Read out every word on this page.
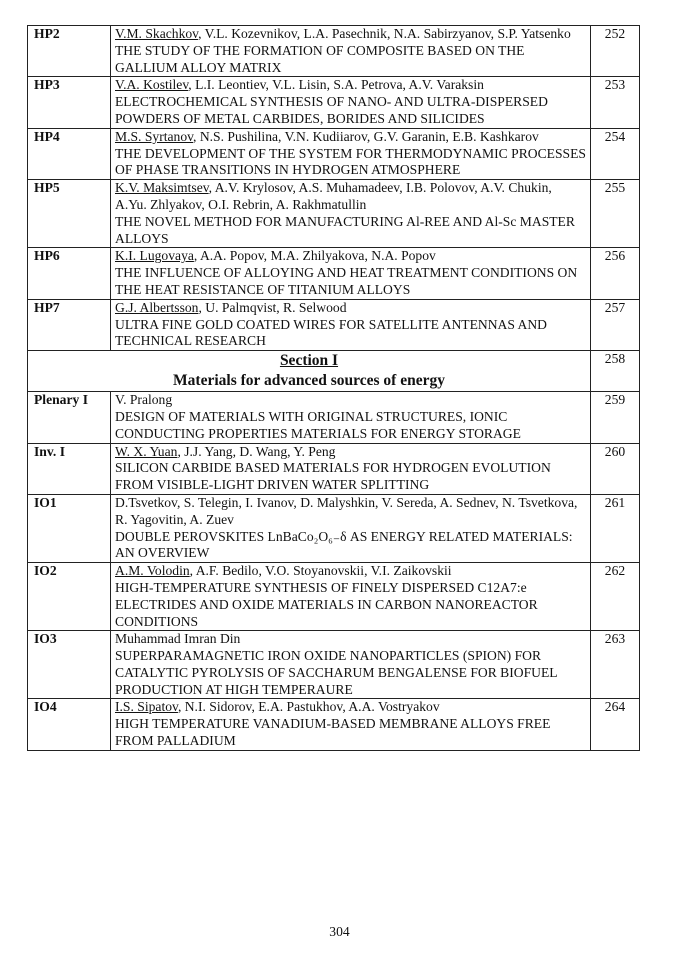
HP2	V.M. Skachkov, V.L. Kozevnikov, L.A. Pasechnik, N.A. Sabirzyanov, S.P. Yatsenko
THE STUDY OF THE FORMATION OF COMPOSITE BASED ON THE GALLIUM ALLOY MATRIX	252
HP3	V.A. Kostilev, L.I. Leontiev, V.L. Lisin, S.A. Petrova, A.V. Varaksin
ELECTROCHEMICAL SYNTHESIS OF NANO- AND ULTRA-DISPERSED POWDERS OF METAL CARBIDES, BORIDES AND SILICIDES	253
HP4	M.S. Syrtanov, N.S. Pushilina, V.N. Kudiiarov, G.V. Garanin, E.B. Kashkarov
THE DEVELOPMENT OF THE SYSTEM FOR THERMODYNAMIC PROCESSES OF PHASE TRANSITIONS IN HYDROGEN ATMOSPHERE	254
HP5	K.V. Maksimtsev, A.V. Krylosov, A.S. Muhamadeev, I.B. Polovov, A.V. Chukin, A.Yu. Zhlyakov, O.I. Rebrin, A. Rakhmatullin
THE NOVEL METHOD FOR MANUFACTURING Al-REE AND Al-Sc MASTER ALLOYS	255
HP6	K.I. Lugovaya, A.A. Popov, M.A. Zhilyakova, N.A. Popov
THE INFLUENCE OF ALLOYING AND HEAT TREATMENT CONDITIONS ON THE HEAT RESISTANCE OF TITANIUM ALLOYS	256
HP7	G.J. Albertsson, U. Palmqvist, R. Selwood
ULTRA FINE GOLD COATED WIRES FOR SATELLITE ANTENNAS AND TECHNICAL RESEARCH	257

Section I
Materials for advanced sources of energy		258
Plenary I	V. Pralong
DESIGN OF MATERIALS WITH ORIGINAL STRUCTURES, IONIC CONDUCTING PROPERTIES MATERIALS FOR ENERGY STORAGE	259
Inv. I	W. X. Yuan, J.J. Yang, D. Wang, Y. Peng
SILICON CARBIDE BASED MATERIALS FOR HYDROGEN EVOLUTION FROM VISIBLE-LIGHT DRIVEN WATER SPLITTING	260
IO1	D.Tsvetkov, S. Telegin, I. Ivanov, D. Malyshkin, V. Sereda, A. Sednev, N. Tsvetkova, R. Yagovitin, A. Zuev
DOUBLE PEROVSKITES LnBaCo₂O₆₋δ AS ENERGY RELATED MATERIALS: AN OVERVIEW	261
IO2	A.M. Volodin, A.F. Bedilo, V.O. Stoyanovskii, V.I. Zaikovskii
HIGH-TEMPERATURE SYNTHESIS OF FINELY DISPERSED C12A7:e ELECTRIDES AND OXIDE MATERIALS IN CARBON NANOREACTOR CONDITIONS	262
IO3	Muhammad Imran Din
SUPERPARAMAGNETIC IRON OXIDE NANOPARTICLES (SPION) FOR CATALYTIC PYROLYSIS OF SACCHARUM BENGALENSE FOR BIOFUEL PRODUCTION AT HIGH TEMPERAURE	263
IO4	I.S. Sipatov, N.I. Sidorov, E.A. Pastukhov, A.A. Vostryakov
HIGH TEMPERATURE VANADIUM-BASED MEMBRANE ALLOYS FREE FROM PALLADIUM	264
304
